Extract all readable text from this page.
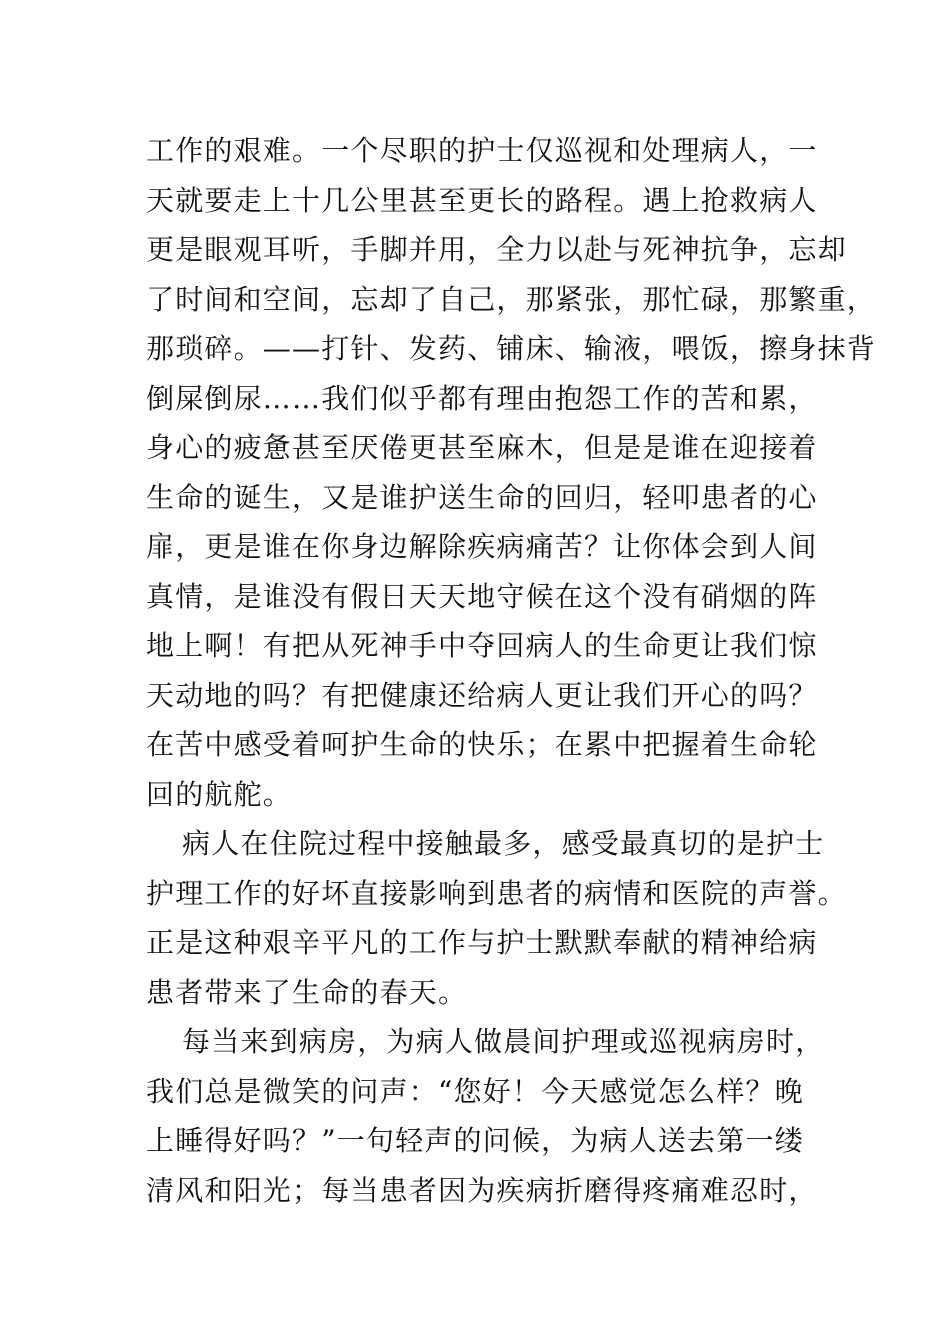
工作的艰难。一个尽职的护士仅巡视和处理病人，一
天就要走上十几公里甚至更长的路程。遇上抢救病人
更是眼观耳听，手脚并用，全力以赴与死神抗争，忘却
了时间和空间，忘却了自己，那紧张，那忙碌，那繁重，
那琐碎。——打针、发药、铺床、输液，喂饭，擦身抹背
倒屎倒尿……我们似乎都有理由抱怨工作的苦和累，
身心的疲惫甚至厌倦更甚至麻木，但是是谁在迎接着
生命的诞生，又是谁护送生命的回归，轻叩患者的心
扉，更是谁在你身边解除疾病痛苦？让你体会到人间
真情，是谁没有假日天天地守候在这个没有硝烟的阵
地上啊！有把从死神手中夺回病人的生命更让我们惊
天动地的吗？有把健康还给病人更让我们开心的吗？
在苦中感受着呵护生命的快乐；在累中把握着生命轮
回的航舵。
病人在住院过程中接触最多，感受最真切的是护士
护理工作的好坏直接影响到患者的病情和医院的声誉。
正是这种艰辛平凡的工作与护士默默奉献的精神给病
患者带来了生命的春天。
每当来到病房，为病人做晨间护理或巡视病房时，
我们总是微笑的问声：“您好！今天感觉怎么样？晚
上睡得好吗？”一句轻声的问候，为病人送去第一缕
清风和阳光；每当患者因为疾病折磨得疼痛难忍时，
